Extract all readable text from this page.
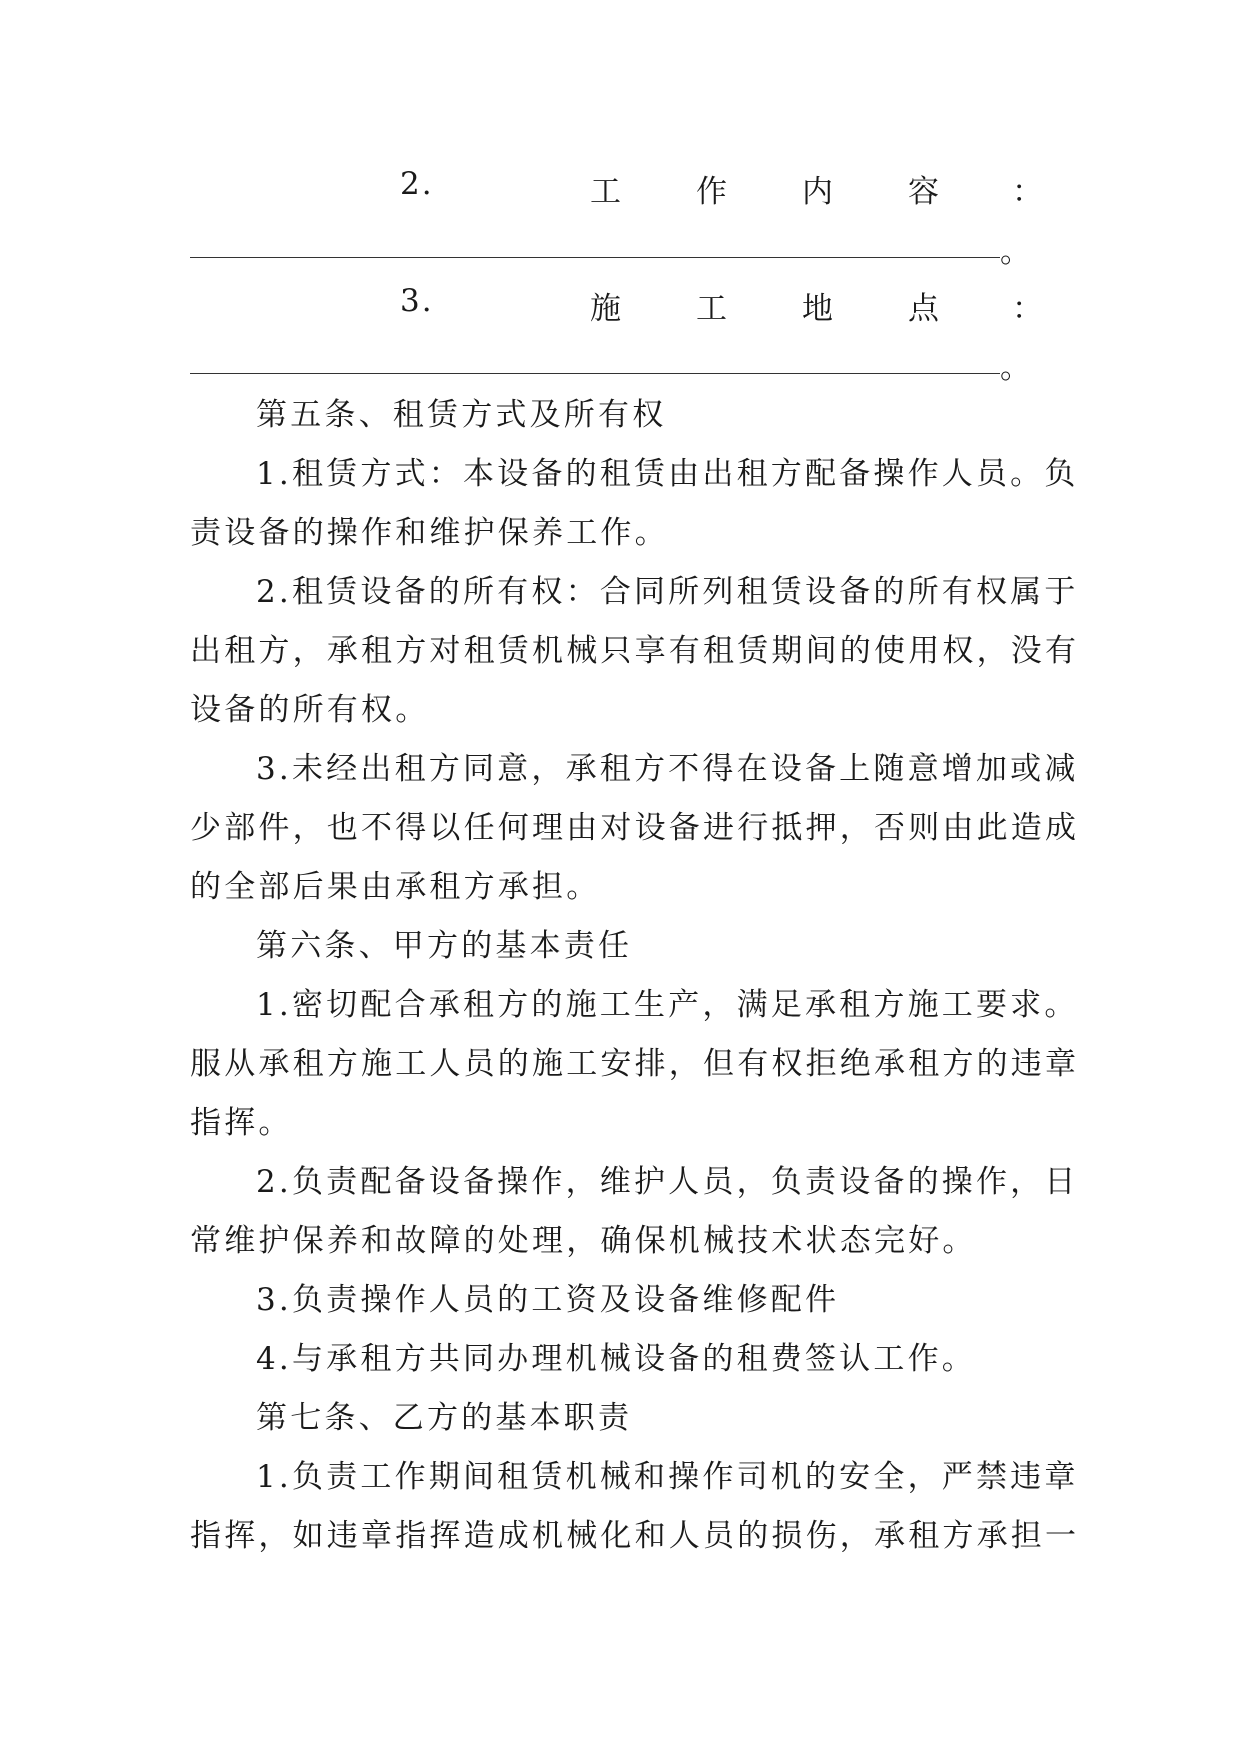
2.	工 作 内 容 ：
。
3.	施 工 地 点 ：
。
第五条、租赁方式及所有权
1.租赁方式：本设备的租赁由出租方配备操作人员。负
责设备的操作和维护保养工作。
2.租赁设备的所有权：合同所列租赁设备的所有权属于
出租方，承租方对租赁机械只享有租赁期间的使用权，没有
设备的所有权。
3.未经出租方同意，承租方不得在设备上随意增加或减
少部件，也不得以任何理由对设备进行抵押，否则由此造成
的全部后果由承租方承担。
第六条、甲方的基本责任
1.密切配合承租方的施工生产，满足承租方施工要求。
服从承租方施工人员的施工安排，但有权拒绝承租方的违章
指挥。
2.负责配备设备操作，维护人员，负责设备的操作，日
常维护保养和故障的处理，确保机械技术状态完好。
3.负责操作人员的工资及设备维修配件
4.与承租方共同办理机械设备的租费签认工作。
第七条、乙方的基本职责
1.负责工作期间租赁机械和操作司机的安全，严禁违章
指挥，如违章指挥造成机械化和人员的损伤，承租方承担一
